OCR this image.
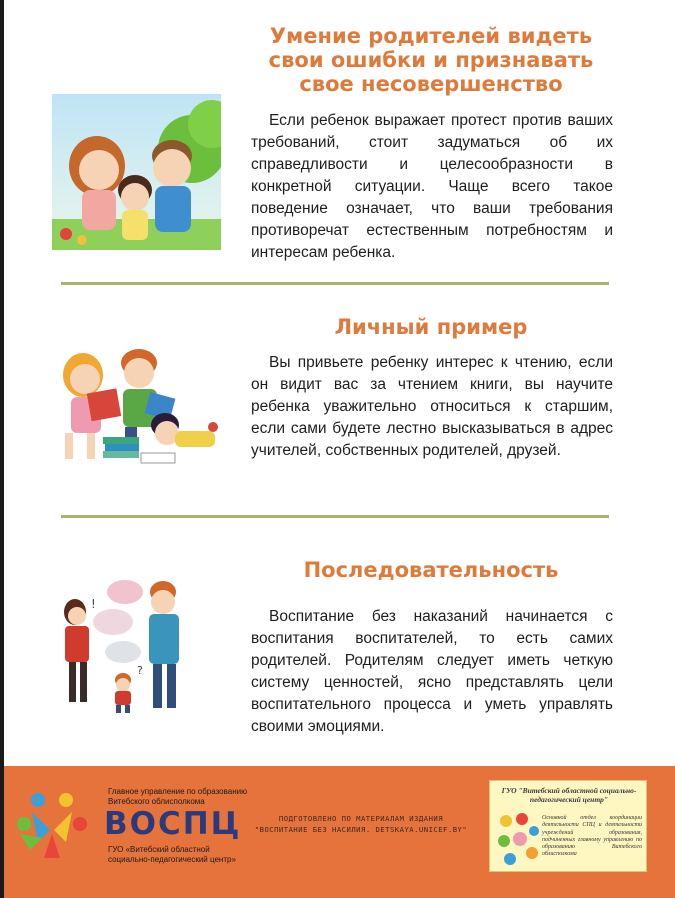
Умение родителей видеть
свои ошибки и признавать
свое несовершенство
Если ребенок выражает протест против ваших требований, стоит задуматься об их справедливости и целесообразности в конкретной ситуации. Чаще всего такое поведение означает, что ваши требования противоречат естественным потребностям и интересам ребенка.
Личный пример
Вы привьете ребенку интерес к чтению, если он видит вас за чтением книги, вы научите ребенка уважительно относиться к старшим, если сами будете лестно высказываться в адрес учителей, собственных родителей, друзей.
Последовательность
!
?
Воспитание без наказаний начинается с воспитания воспитателей, то есть самих родителей. Родителям следует иметь четкую систему ценностей, ясно представлять цели воспитательного процесса и уметь управлять своими эмоциями.
Главное управление по образованию
Витебского облисполкома
ВОСПЦ
ГУО «Витебский областной
социально-педагогический центр»
ПОДГОТОВЛЕНО ПО МАТЕРИАЛАМ ИЗДАНИЯ
"ВОСПИТАНИЕ БЕЗ НАСИЛИЯ. DETSKAYA.UNICEF.BY"
ГУО "Витебский областной социально-педагогический центр"
Основной отдел координации деятельности СПЦ и деятельности учреждений образования, подчиненных главному управлению по образованию Витебского облисполкома
